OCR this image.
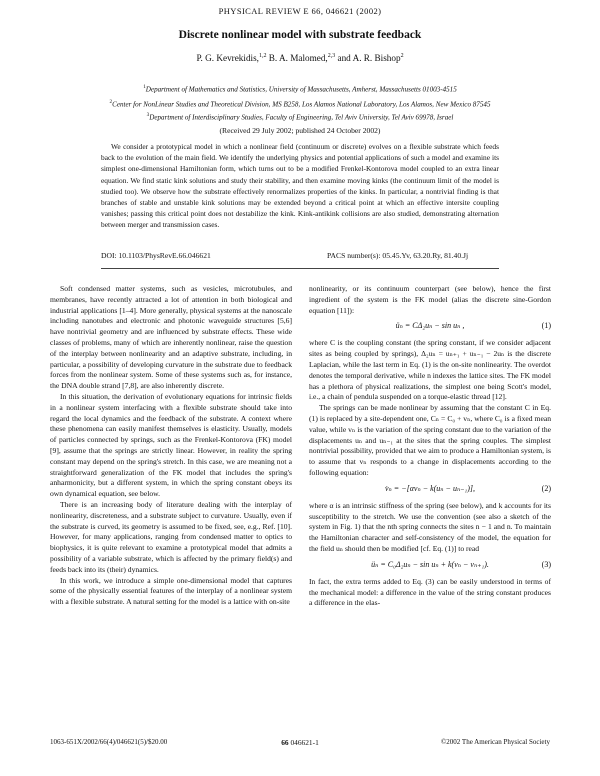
PHYSICAL REVIEW E 66, 046621 (2002)
Discrete nonlinear model with substrate feedback
P. G. Kevrekidis,$^{1,2}$ B. A. Malomed,$^{2,3}$ and A. R. Bishop$^2$
$^1$Department of Mathematics and Statistics, University of Massachusetts, Amherst, Massachusetts 01003-4515
$^2$Center for NonLinear Studies and Theoretical Division, MS B258, Los Alamos National Laboratory, Los Alamos, New Mexico 87545
$^3$Department of Interdisciplinary Studies, Faculty of Engineering, Tel Aviv University, Tel Aviv 69978, Israel
(Received 29 July 2002; published 24 October 2002)

We consider a prototypical model in which a nonlinear field (continuum or discrete) evolves on a flexible substrate which feeds back to the evolution of the main field. We identify the underlying physics and potential applications of such a model and examine its simplest one-dimensional Hamiltonian form, which turns out to be a modified Frenkel-Kontorova model coupled to an extra linear equation. We find static kink solutions and study their stability, and then examine moving kinks (the continuum limit of the model is studied too). We observe how the substrate effectively renormalizes properties of the kinks. In particular, a nontrivial finding is that branches of stable and unstable kink solutions may be extended beyond a critical point at which an effective intersite coupling vanishes; passing this critical point does not destabilize the kink. Kink-antikink collisions are also studied, demonstrating alternation between merger and transmission cases.

DOI: 10.1103/PhysRevE.66.046621	PACS number(s): 05.45.Yv, 63.20.Ry, 81.40.Jj

Soft condensed matter systems, such as vesicles, microtubules, and membranes, have recently attracted a lot of attention in both biological and industrial applications [1–4]. More generally, physical systems at the nanoscale including nanotubes and electronic and photonic waveguide structures [5,6] have nontrivial geometry and are influenced by substrate effects. These wide classes of problems, many of which are inherently nonlinear, raise the question of the interplay between nonlinearity and an adaptive substrate, including, in particular, a possibility of developing curvature in the substrate due to feedback forces from the nonlinear system. Some of these systems such as, for instance, the DNA double strand [7,8], are also inherently discrete.

In this situation, the derivation of evolutionary equations for intrinsic fields in a nonlinear system interfacing with a flexible substrate should take into regard the local dynamics and the feedback of the substrate. A context where these phenomena can easily manifest themselves is elasticity. Usually, models of particles connected by springs, such as the Frenkel-Kontorova (FK) model [9], assume that the springs are strictly linear. However, in reality the spring constant may depend on the spring's stretch. In this case, we are meaning not a straightforward generalization of the FK model that includes the spring's anharmonicity, but a different system, in which the spring constant obeys its own dynamical equation, see below.

There is an increasing body of literature dealing with the interplay of nonlinearity, discreteness, and a substrate subject to curvature. Usually, even if the substrate is curved, its geometry is assumed to be fixed, see, e.g., Ref. [10]. However, for many applications, ranging from condensed matter to optics to biophysics, it is quite relevant to examine a prototypical model that admits a possibility of a variable substrate, which is affected by the primary field(s) and feeds back into its (their) dynamics.

In this work, we introduce a simple one-dimensional model that captures some of the physically essential features of the interplay of a nonlinear system with a flexible substrate. A natural setting for the model is a lattice with on-site

nonlinearity, or its continuum counterpart (see below), hence the first ingredient of the system is the FK model (alias the discrete sine-Gordon equation [11]):

üₙ = CΔ₂uₙ − sin uₙ ,	(1)

where C is the coupling constant (the spring constant, if we consider adjacent sites as being coupled by springs), Δ₂uₙ = uₙ₊₁ + uₙ₋₁ − 2uₙ is the discrete Laplacian, while the last term in Eq. (1) is the on-site nonlinearity. The overdot denotes the temporal derivative, while n indexes the lattice sites. The FK model has a plethora of physical realizations, the simplest one being Scott's model, i.e., a chain of pendula suspended on a torque-elastic thread [12].

The springs can be made nonlinear by assuming that the constant C in Eq. (1) is replaced by a site-dependent one, Cₙ = C₀ + vₙ, where C₀ is a fixed mean value, while vₙ is the variation of the spring constant due to the variation of the displacements uₙ and uₙ₋₁ at the sites that the spring couples. The simplest nontrivial possibility, provided that we aim to produce a Hamiltonian system, is to assume that vₙ responds to a change in displacements according to the following equation:

v̇ₙ = −[αvₙ − k(uₙ − uₙ₋₁)],	(2)

where α is an intrinsic stiffness of the spring (see below), and k accounts for its susceptibility to the stretch. We use the convention (see also a sketch of the system in Fig. 1) that the nth spring connects the sites n − 1 and n. To maintain the Hamiltonian character and self-consistency of the model, the equation for the field uₙ should then be modified [cf. Eq. (1)] to read

üₙ = C₀Δ₂uₙ − sin uₙ + k(vₙ − vₙ₊₁).	(3)

In fact, the extra terms added to Eq. (3) can be easily understood in terms of the mechanical model: a difference in the value of the string constant produces a difference in the elas-

1063-651X/2002/66(4)/046621(5)/$20.00	66 046621-1	©2002 The American Physical Society
